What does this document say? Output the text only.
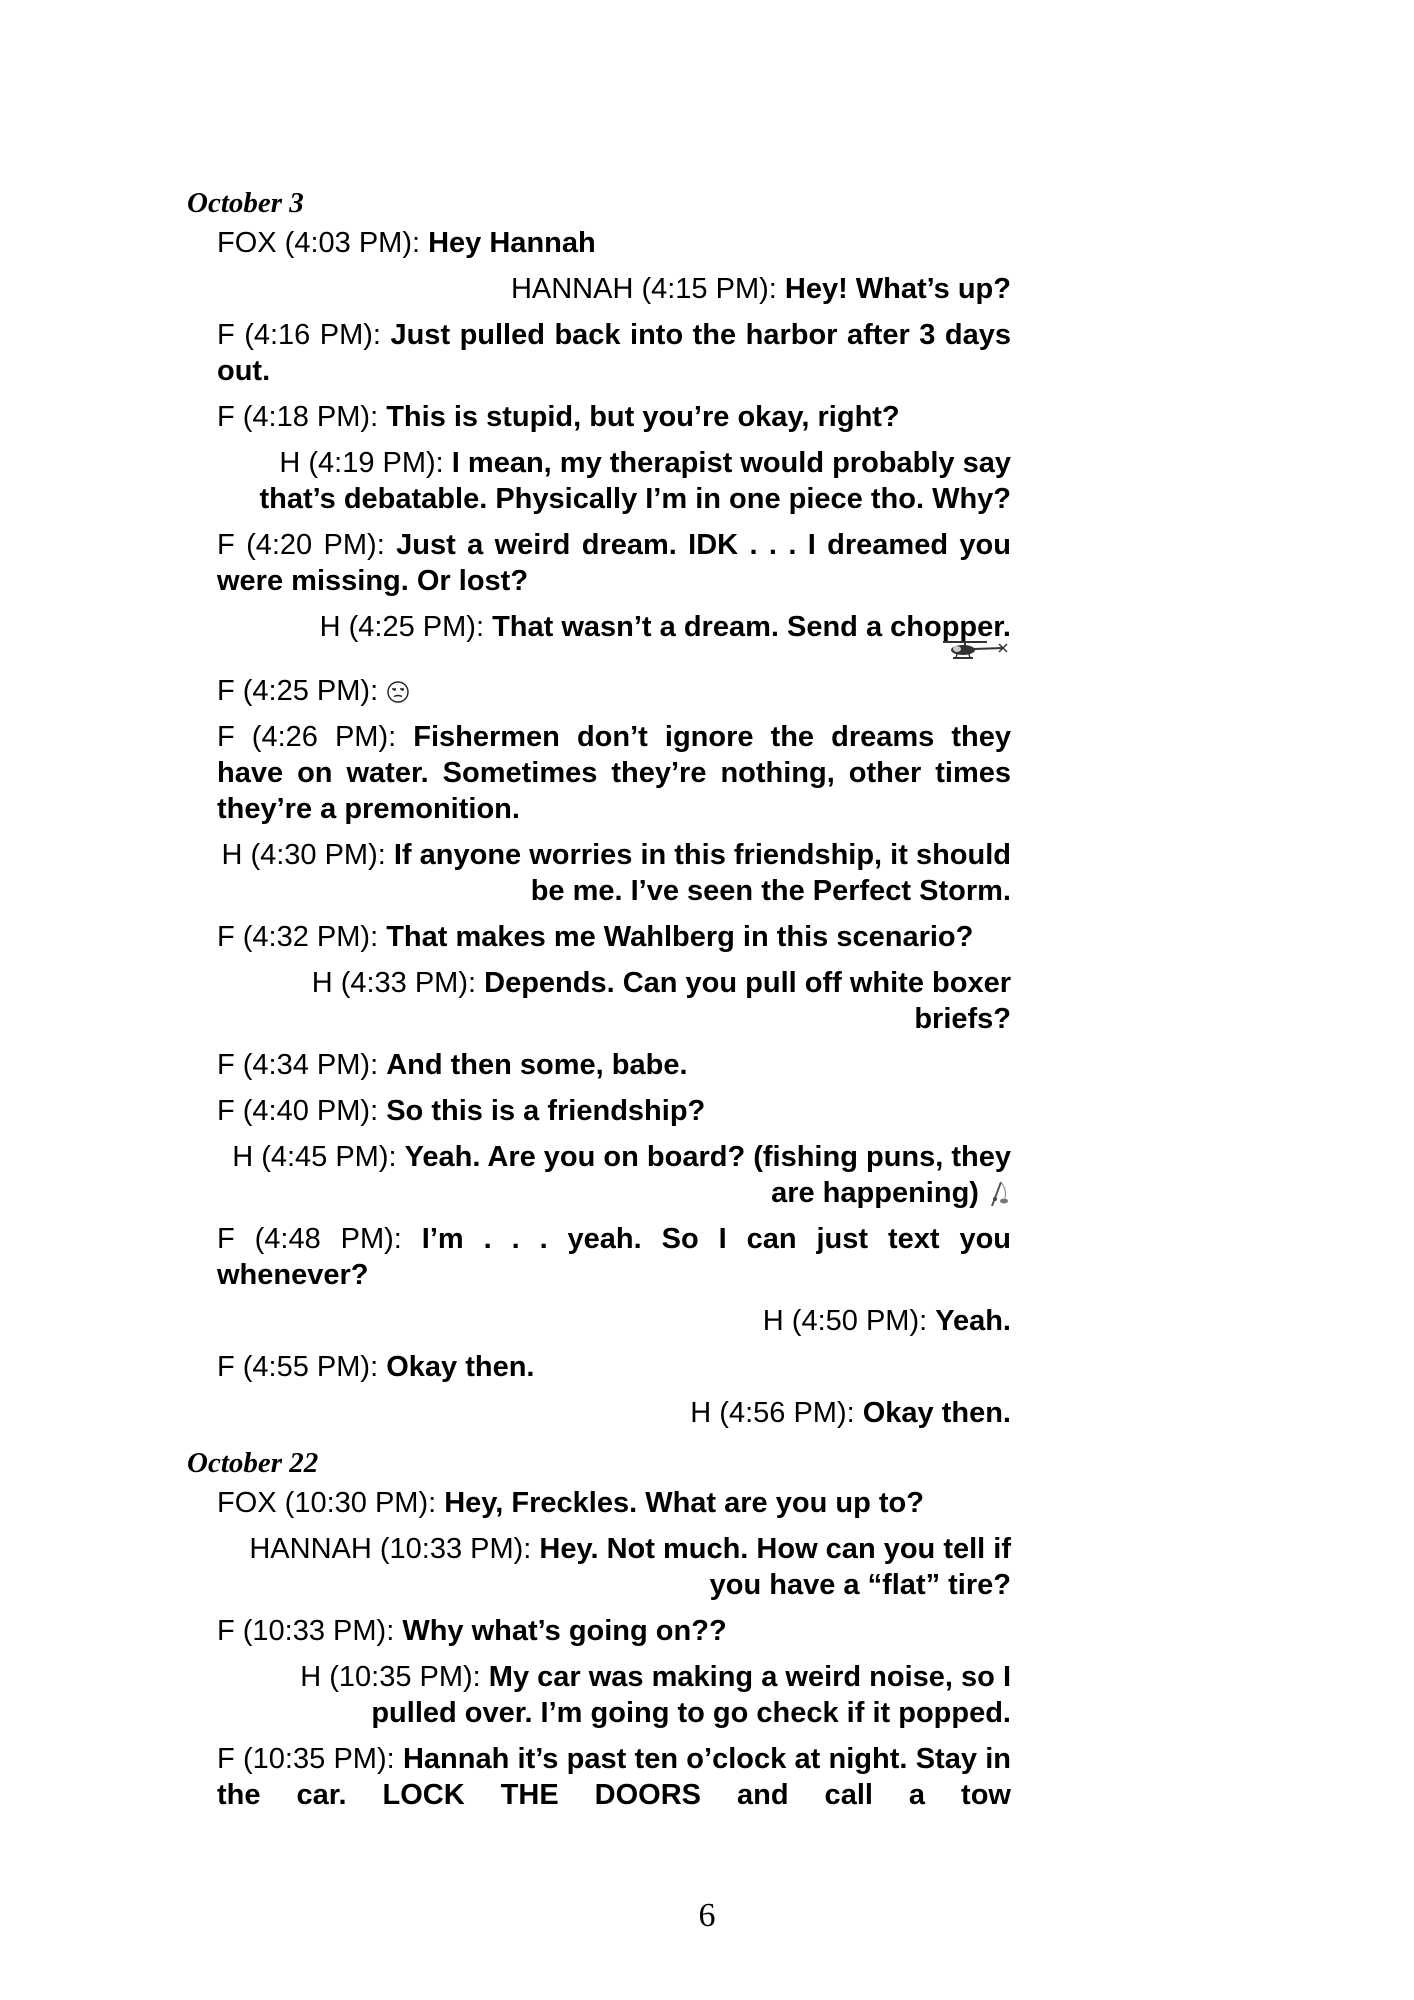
October 3
FOX (4:03 PM): Hey Hannah
HANNAH (4:15 PM): Hey! What’s up?
F (4:16 PM): Just pulled back into the harbor after 3 days out.
F (4:18 PM): This is stupid, but you’re okay, right?
H (4:19 PM): I mean, my therapist would probably say that’s debatable. Physically I’m in one piece tho. Why?
F (4:20 PM): Just a weird dream. IDK . . . I dreamed you were missing. Or lost?
H (4:25 PM): That wasn’t a dream. Send a chopper.
F (4:25 PM):
F (4:26 PM): Fishermen don’t ignore the dreams they have on water. Sometimes they’re nothing, other times they’re a premonition.
H (4:30 PM): If anyone worries in this friendship, it should be me. I’ve seen the Perfect Storm.
F (4:32 PM): That makes me Wahlberg in this scenario?
H (4:33 PM): Depends. Can you pull off white boxer briefs?
F (4:34 PM): And then some, babe.
F (4:40 PM): So this is a friendship?
H (4:45 PM): Yeah. Are you on board? (fishing puns, they are happening)
F (4:48 PM): I’m . . . yeah. So I can just text you whenever?
H (4:50 PM): Yeah.
F (4:55 PM): Okay then.
H (4:56 PM): Okay then.
October 22
FOX (10:30 PM): Hey, Freckles. What are you up to?
HANNAH (10:33 PM): Hey. Not much. How can you tell if you have a “flat” tire?
F (10:33 PM): Why what’s going on??
H (10:35 PM): My car was making a weird noise, so I pulled over. I’m going to go check if it popped.
F (10:35 PM): Hannah it’s past ten o’clock at night. Stay in the car. LOCK THE DOORS and call a tow
6
